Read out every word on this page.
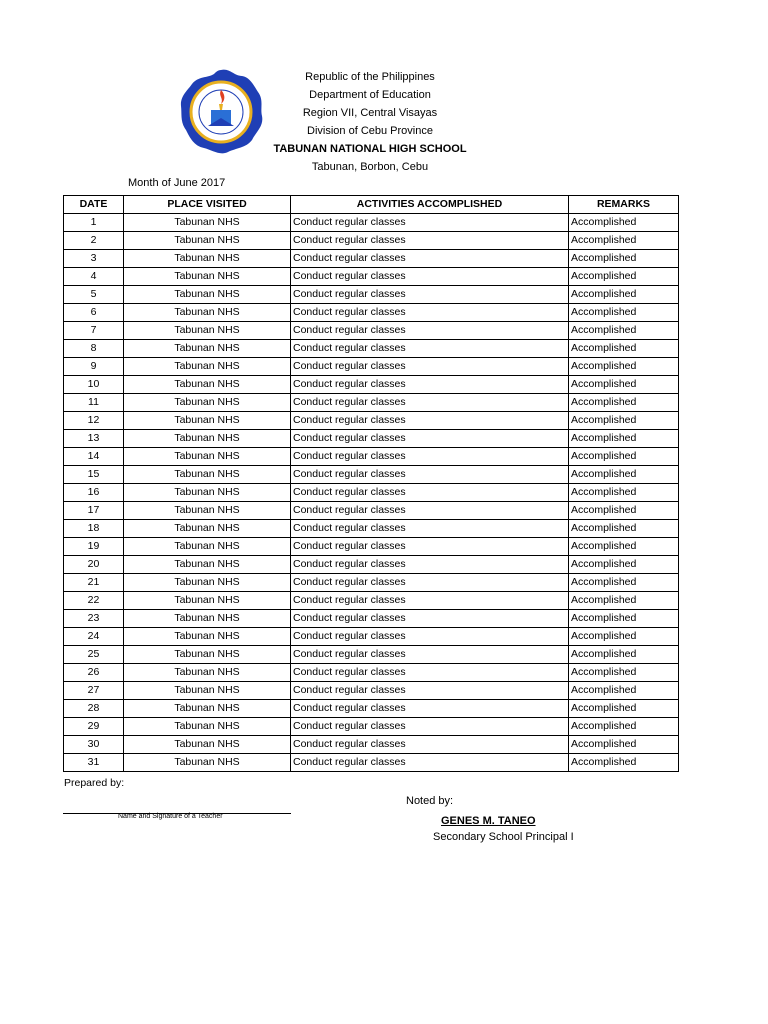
Republic of the Philippines
Department of Education
Region VII, Central Visayas
Division of Cebu Province
TABUNAN NATIONAL HIGH SCHOOL
Tabunan, Borbon, Cebu
Month of June 2017
DATE	PLACE VISITED	ACTIVITIES ACCOMPLISHED	REMARKS
1	Tabunan NHS	Conduct regular classes	Accomplished
2	Tabunan NHS	Conduct regular classes	Accomplished
3	Tabunan NHS	Conduct regular classes	Accomplished
4	Tabunan NHS	Conduct regular classes	Accomplished
5	Tabunan NHS	Conduct regular classes	Accomplished
6	Tabunan NHS	Conduct regular classes	Accomplished
7	Tabunan NHS	Conduct regular classes	Accomplished
8	Tabunan NHS	Conduct regular classes	Accomplished
9	Tabunan NHS	Conduct regular classes	Accomplished
10	Tabunan NHS	Conduct regular classes	Accomplished
11	Tabunan NHS	Conduct regular classes	Accomplished
12	Tabunan NHS	Conduct regular classes	Accomplished
13	Tabunan NHS	Conduct regular classes	Accomplished
14	Tabunan NHS	Conduct regular classes	Accomplished
15	Tabunan NHS	Conduct regular classes	Accomplished
16	Tabunan NHS	Conduct regular classes	Accomplished
17	Tabunan NHS	Conduct regular classes	Accomplished
18	Tabunan NHS	Conduct regular classes	Accomplished
19	Tabunan NHS	Conduct regular classes	Accomplished
20	Tabunan NHS	Conduct regular classes	Accomplished
21	Tabunan NHS	Conduct regular classes	Accomplished
22	Tabunan NHS	Conduct regular classes	Accomplished
23	Tabunan NHS	Conduct regular classes	Accomplished
24	Tabunan NHS	Conduct regular classes	Accomplished
25	Tabunan NHS	Conduct regular classes	Accomplished
26	Tabunan NHS	Conduct regular classes	Accomplished
27	Tabunan NHS	Conduct regular classes	Accomplished
28	Tabunan NHS	Conduct regular classes	Accomplished
29	Tabunan NHS	Conduct regular classes	Accomplished
30	Tabunan NHS	Conduct regular classes	Accomplished
31	Tabunan NHS	Conduct regular classes	Accomplished
Prepared by:
Name and Signature of a Teacher
Noted by:
GENES M. TANEO
Secondary School Principal I
